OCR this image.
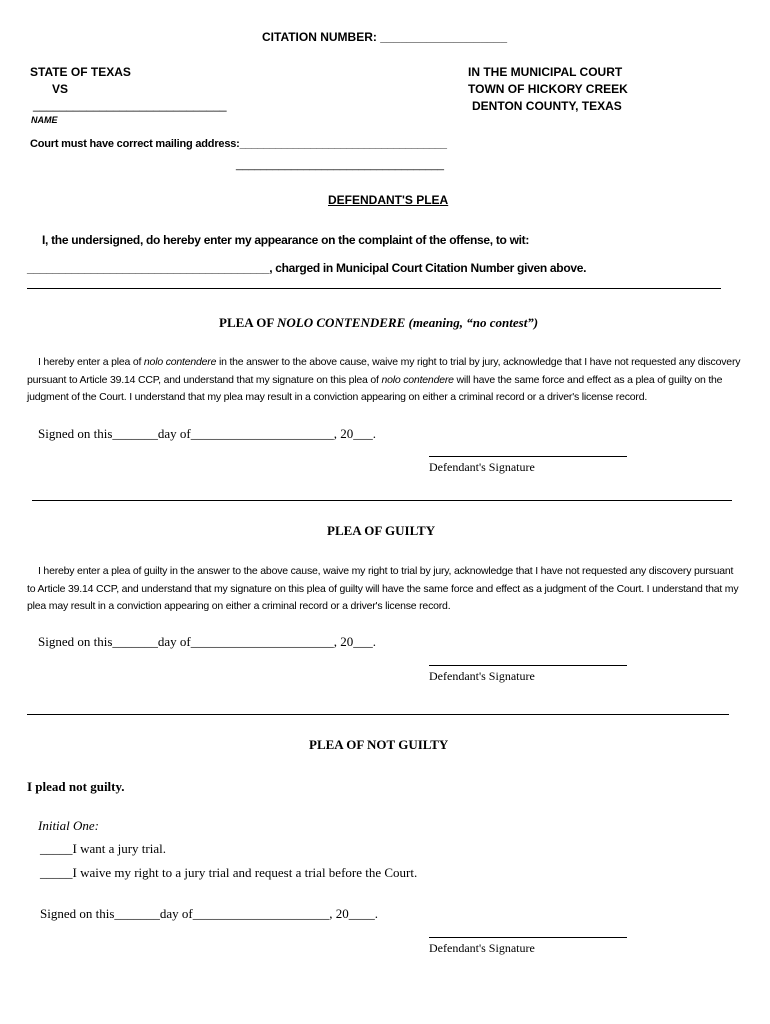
CITATION NUMBER: ___________________
STATE OF TEXAS
VS
_____________________________
NAME
IN THE MUNICIPAL COURT
TOWN OF HICKORY CREEK
DENTON COUNTY, TEXAS
Court must have correct mailing address:___________________________________
__________________________________
DEFENDANT'S PLEA
I, the undersigned, do hereby enter my appearance on the complaint of the offense, to wit:
______________________________________, charged in Municipal Court Citation Number given above.
PLEA OF NOLO CONTENDERE (meaning, “no contest”)
I hereby enter a plea of nolo contendere in the answer to the above cause, waive my right to trial by jury, acknowledge that I have not requested any discovery pursuant to Article 39.14 CCP, and understand that my signature on this plea of nolo contendere will have the same force and effect as a plea of guilty on the judgment of the Court. I understand that my plea may result in a conviction appearing on either a criminal record or a driver's license record.
Signed on this_______day of______________________, 20___.
Defendant's Signature
PLEA OF GUILTY
I hereby enter a plea of guilty in the answer to the above cause, waive my right to trial by jury, acknowledge that I have not requested any discovery pursuant to Article 39.14 CCP, and understand that my signature on this plea of guilty will have the same force and effect as a judgment of the Court. I understand that my plea may result in a conviction appearing on either a criminal record or a driver's license record.
Signed on this_______day of______________________, 20___.
Defendant's Signature
PLEA OF NOT GUILTY
I plead not guilty.
Initial One:
_____I want a jury trial.
_____I waive my right to a jury trial and request a trial before the Court.
Signed on this_______day of_____________________, 20____.
Defendant's Signature
